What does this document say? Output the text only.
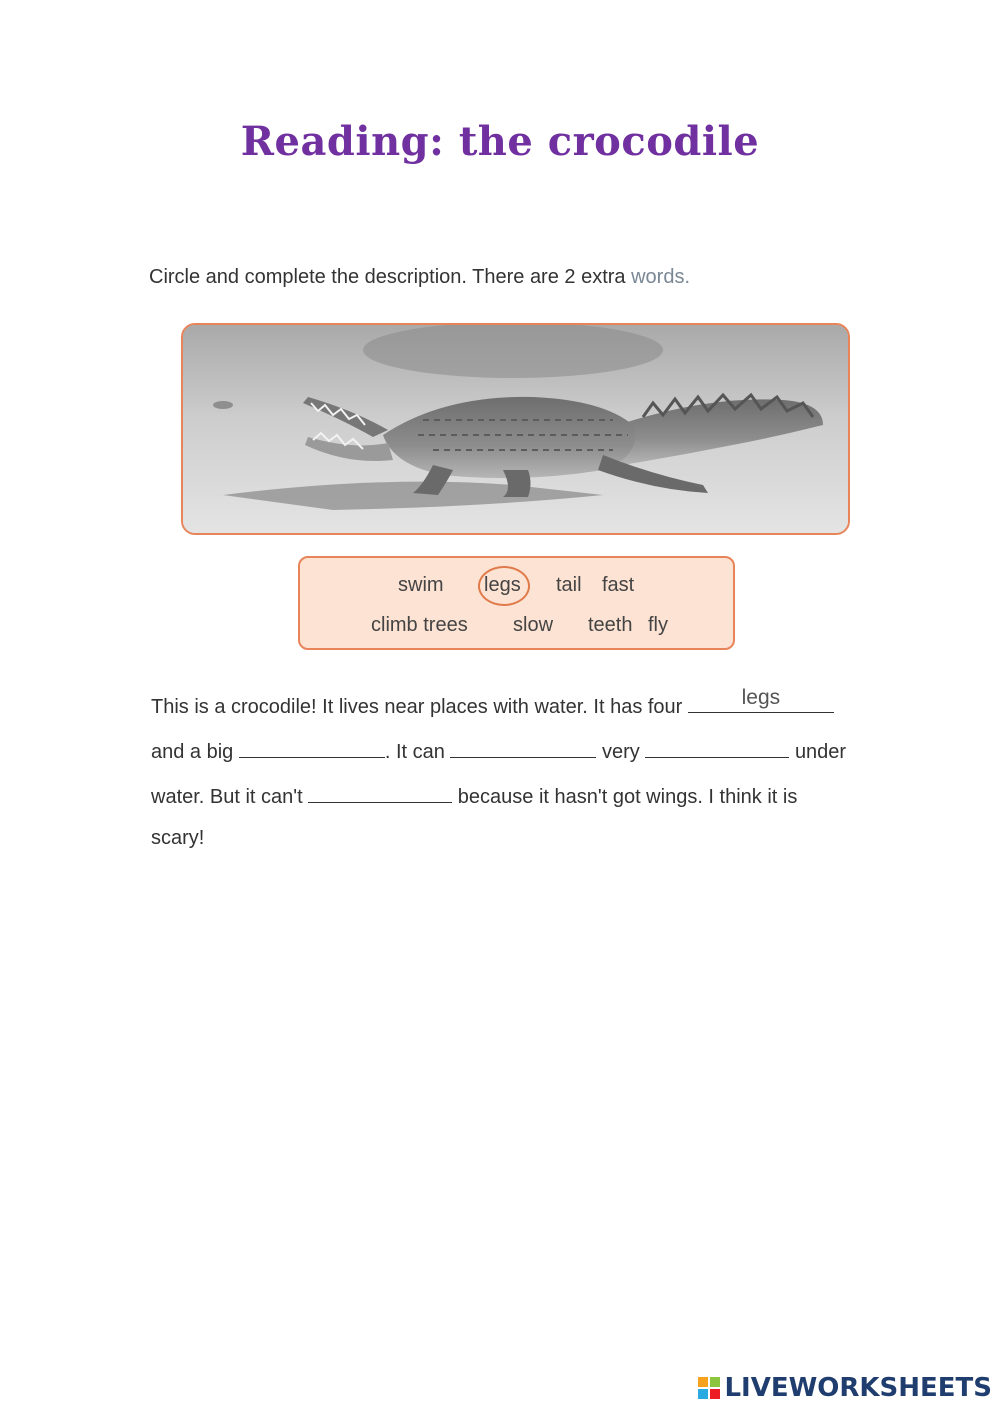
Reading: the crocodile
Circle and complete the description. There are 2 extra words.
swim legs tail fast
climb trees slow teeth fly
This is a crocodile! It lives near places with water. It has four	legs
and a big	. It can	very	under
water. But it can't	because it hasn't got wings. I think it is
scary!
LIVEWORKSHEETS
